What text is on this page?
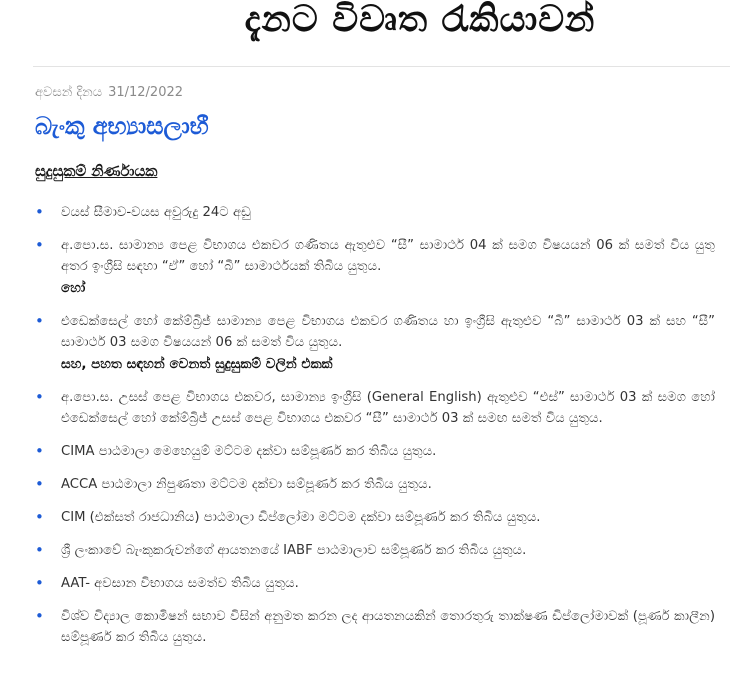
දැනට විවෘත රැකියාවන්
අවසන් දිනය 31/12/2022
බැංකු අභ්‍යාසලාභී
සුදුසුකම් නිර්ණායක
• වයස් සීමාව-වයස අවුරුදු 24ට අඩු
• අ.පො.ස. සාමාන්‍ය පෙළ විභාගය එකවර ගණිතය ඇතුළුව “සී” සාමාර්ථ 04 ක් සමග විෂයයන් 06 ක් සමත් විය යුතු අතර ඉංග්‍රීසි සඳහා “ඒ” හෝ “බී” සාමාර්ථයක් තිබිය යුතුය.
හෝ
• එඩෙක්සෙල් හෝ කේම්බ්‍රිජ් සාමාන්‍ය පෙළ විභාගය එකවර ගණිතය හා ඉංග්‍රීසි ඇතුළුව “බී” සාමාර්ථ 03 ක් සහ “සී” සාමාර්ථ 03 සමග විෂයයන් 06 ක් සමත් විය යුතුය.
සහ, පහත සඳහන් වෙනත් සුදුසුකම් වලින් එකක්
• අ.පො.ස. උසස් පෙළ විභාගය එකවර, සාමාන්‍ය ඉංග්‍රීසි (General English) ඇතුළුව “එස්” සාමාර්ථ 03 ක් සමග හෝ එඩෙක්සෙල් හෝ කේම්බ්‍රිජ් උසස් පෙළ විභාගය එකවර “සී” සාමාර්ථ 03 ක් සමඟ සමත් විය යුතුය.
• CIMA පාඨමාලා මෙහෙයුම් මට්ටම දක්වා සම්පූර්ණ කර තිබිය යුතුය.
• ACCA පාඨමාලා නිපුණතා මට්ටම දක්වා සම්පූර්ණ කර තිබිය යුතුය.
• CIM (එක්සත් රාජධානිය) පාඨමාලා ඩිප්ලෝමා මට්ටම දක්වා සම්පූර්ණ කර තිබිය යුතුය.
• ශ්‍රී ලංකාවේ බැංකුකරුවන්ගේ ආයතනයේ IABF පාඨමාලාව සම්පූර්ණ කර තිබිය යුතුය.
• AAT- අවසාන විභාගය සමත්ව තිබිය යුතුය.
• විශ්ව විද්‍යාල කොමිෂන් සභාව විසින් අනුමත කරන ලද ආයතනයකින් තොරතුරු තාක්ෂණ ඩිප්ලෝමාවක් (පූර්ණ කාලීන) සම්පූර්ණ කර තිබිය යුතුය.
